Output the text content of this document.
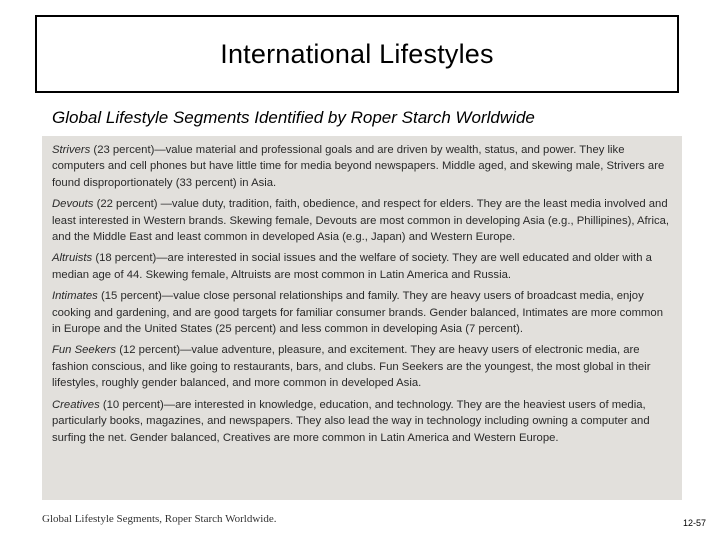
International Lifestyles
Global Lifestyle Segments Identified by Roper Starch Worldwide

Strivers (23 percent)—value material and professional goals and are driven by wealth, status, and power. They like computers and cell phones but have little time for media beyond newspapers. Middle aged, and skewing male, Strivers are found disproportionately (33 percent) in Asia.

Devouts (22 percent) —value duty, tradition, faith, obedience, and respect for elders. They are the least media involved and least interested in Western brands. Skewing female, Devouts are most common in developing Asia (e.g., Phillipines), Africa, and the Middle East and least common in developed Asia (e.g., Japan) and Western Europe.

Altruists (18 percent)—are interested in social issues and the welfare of society. They are well educated and older with a median age of 44. Skewing female, Altruists are most common in Latin America and Russia.

Intimates (15 percent)—value close personal relationships and family. They are heavy users of broadcast media, enjoy cooking and gardening, and are good targets for familiar consumer brands. Gender balanced, Intimates are more common in Europe and the United States (25 percent) and less common in developing Asia (7 percent).

Fun Seekers (12 percent)—value adventure, pleasure, and excitement. They are heavy users of electronic media, are fashion conscious, and like going to restaurants, bars, and clubs. Fun Seekers are the youngest, the most global in their lifestyles, roughly gender balanced, and more common in developed Asia.

Creatives (10 percent)—are interested in knowledge, education, and technology. They are the heaviest users of media, particularly books, magazines, and newspapers. They also lead the way in technology including owning a computer and surfing the net. Gender balanced, Creatives are more common in Latin America and Western Europe.

Global Lifestyle Segments, Roper Starch Worldwide.	12-57
